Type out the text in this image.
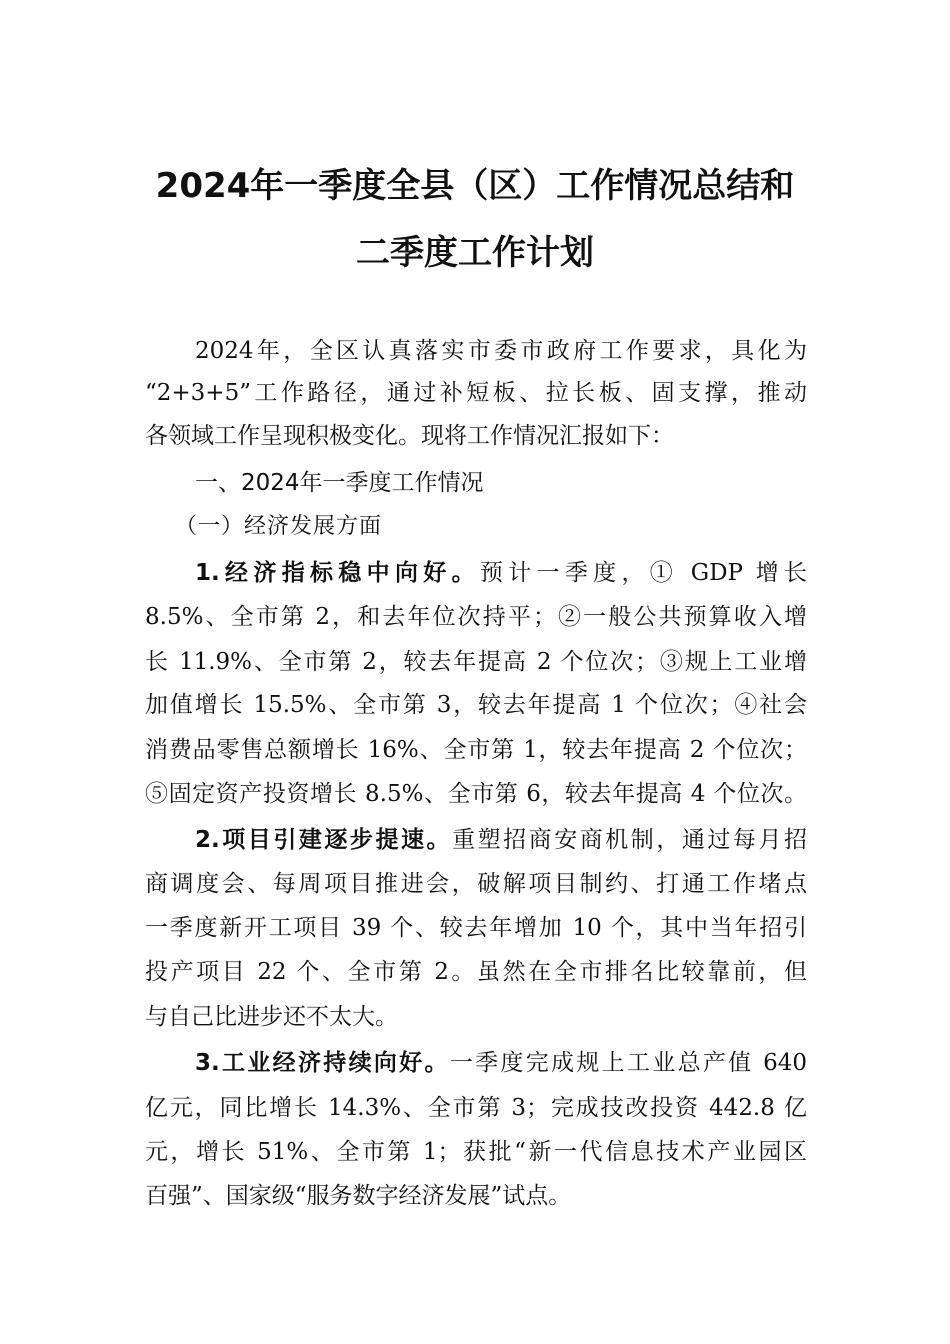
2024年一季度全县（区）工作情况总结和
二季度工作计划
2024年，全区认真落实市委市政府工作要求，具化为
“2+3+5”工作路径，通过补短板、拉长板、固支撑，推动
各领域工作呈现积极变化。现将工作情况汇报如下：
一、2024年一季度工作情况
（一）经济发展方面
1.经济指标稳中向好。预计一季度，① GDP 增长
8.5%、全市第 2，和去年位次持平；②一般公共预算收入增
长 11.9%、全市第 2，较去年提高 2 个位次；③规上工业增
加值增长 15.5%、全市第 3，较去年提高 1 个位次；④社会
消费品零售总额增长 16%、全市第 1，较去年提高 2 个位次；
⑤固定资产投资增长 8.5%、全市第 6，较去年提高 4 个位次。
2.项目引建逐步提速。重塑招商安商机制，通过每月招
商调度会、每周项目推进会，破解项目制约、打通工作堵点
一季度新开工项目 39 个、较去年增加 10 个，其中当年招引
投产项目 22 个、全市第 2。虽然在全市排名比较靠前，但
与自己比进步还不太大。
3.工业经济持续向好。一季度完成规上工业总产值 640
亿元，同比增长 14.3%、全市第 3；完成技改投资 442.8 亿
元，增长 51%、全市第 1；获批“新一代信息技术产业园区
百强”、国家级“服务数字经济发展”试点。
